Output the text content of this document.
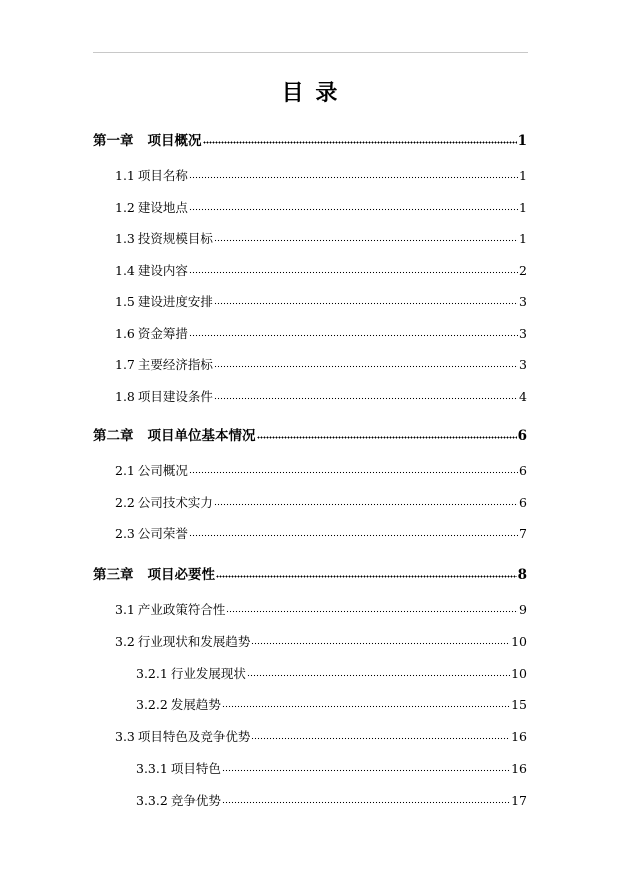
目 录
第一章 项目概况	1
1.1 项目名称	1
1.2 建设地点	1
1.3 投资规模目标	1
1.4 建设内容	2
1.5 建设进度安排	3
1.6 资金筹措	3
1.7 主要经济指标	3
1.8 项目建设条件	4
第二章 项目单位基本情况	6
2.1 公司概况	6
2.2 公司技术实力	6
2.3 公司荣誉	7
第三章 项目必要性	8
3.1 产业政策符合性	9
3.2 行业现状和发展趋势	10
3.2.1 行业发展现状	10
3.2.2 发展趋势	15
3.3 项目特色及竞争优势	16
3.3.1 项目特色	16
3.3.2 竞争优势	17
